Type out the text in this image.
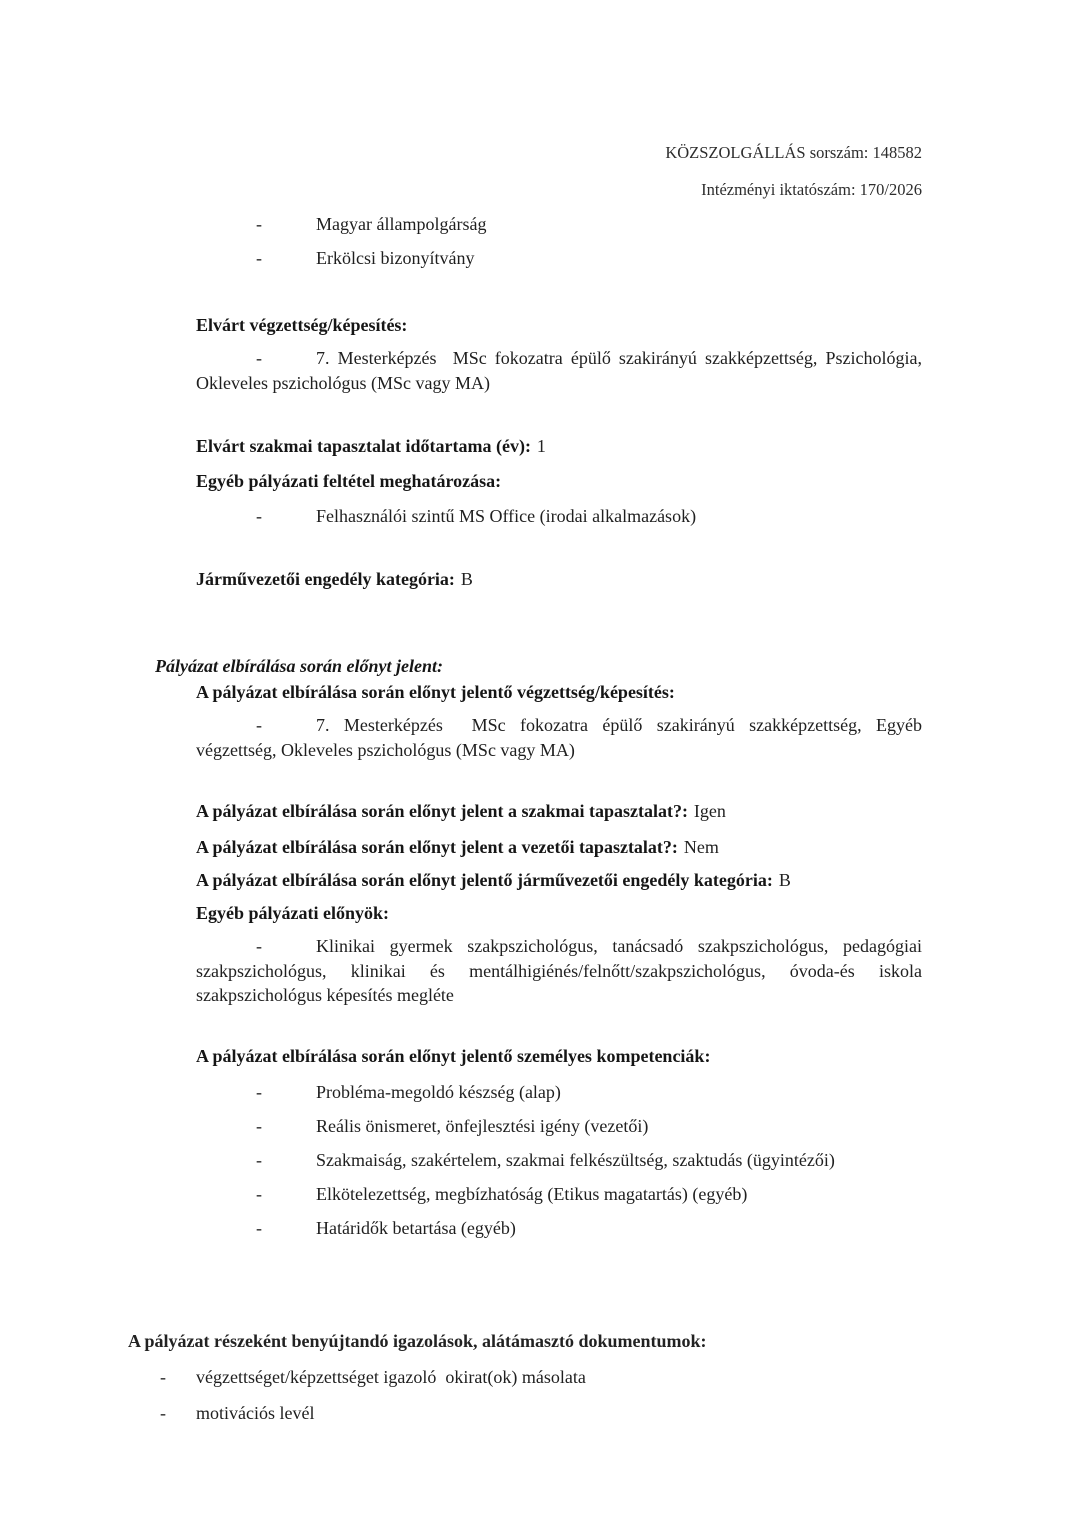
KÖZSZOLGÁLLÁS sorszám: 148582
Intézményi iktatószám: 170/2026
-	Magyar állampolgárság
-	Erkölcsi bizonyítvány
Elvárt végzettség/képesítés:

-	7. Mesterképzés  MSc fokozatra épülő szakirányú szakképzettség, Pszichológia, Okleveles pszichológus (MSc vagy MA)

Elvárt szakmai tapasztalat időtartama (év): 1
Egyéb pályázati feltétel meghatározása:
-	Felhasználói szintű MS Office (irodai alkalmazások)
Járművezetői engedély kategória: B
Pályázat elbírálása során előnyt jelent:
A pályázat elbírálása során előnyt jelentő végzettség/képesítés:

-	7. Mesterképzés  MSc fokozatra épülő szakirányú szakképzettség, Egyéb végzettség, Okleveles pszichológus (MSc vagy MA)

A pályázat elbírálása során előnyt jelent a szakmai tapasztalat?: Igen
A pályázat elbírálása során előnyt jelent a vezetői tapasztalat?: Nem
A pályázat elbírálása során előnyt jelentő járművezetői engedély kategória: B
Egyéb pályázati előnyök:

-	Klinikai gyermek szakpszichológus, tanácsadó szakpszichológus, pedagógiai szakpszichológus, klinikai és mentálhigiénés/felnőtt/szakpszichológus, óvoda-és iskola szakpszichológus képesítés megléte

A pályázat elbírálása során előnyt jelentő személyes kompetenciák:
-	Probléma-megoldó készség (alap)
-	Reális önismeret, önfejlesztési igény (vezetői)
-	Szakmaiság, szakértelem, szakmai felkészültség, szaktudás (ügyintézői)
-	Elkötelezettség, megbízhatóság (Etikus magatartás) (egyéb)
-	Határidők betartása (egyéb)
A pályázat részeként benyújtandó igazolások, alátámasztó dokumentumok:
- végzettséget/képzettséget igazoló  okirat(ok) másolata
- motivációs levél
